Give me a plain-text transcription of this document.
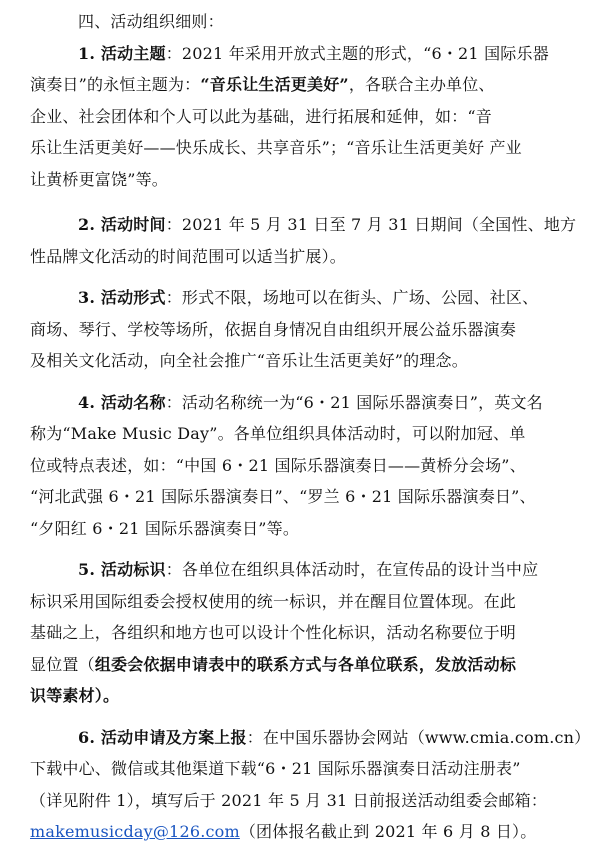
四、活动组织细则：
1. 活动主题：2021 年采用开放式主题的形式，“6・21 国际乐器
演奏日”的永恒主题为：“音乐让生活更美好”，各联合主办单位、
企业、社会团体和个人可以此为基础，进行拓展和延伸，如：“音
乐让生活更美好——快乐成长、共享音乐”；“音乐让生活更美好 产业
让黄桥更富饶”等。
2. 活动时间：2021 年 5 月 31 日至 7 月 31 日期间（全国性、地方
性品牌文化活动的时间范围可以适当扩展）。
3. 活动形式：形式不限，场地可以在街头、广场、公园、社区、
商场、琴行、学校等场所，依据自身情况自由组织开展公益乐器演奏
及相关文化活动，向全社会推广“音乐让生活更美好”的理念。
4. 活动名称：活动名称统一为“6・21 国际乐器演奏日”，英文名
称为“Make Music Day”。各单位组织具体活动时，可以附加冠、单
位或特点表述，如：“中国 6・21 国际乐器演奏日——黄桥分会场”、
“河北武强 6・21 国际乐器演奏日”、“罗兰 6・21 国际乐器演奏日”、
“夕阳红 6・21 国际乐器演奏日”等。
5. 活动标识：各单位在组织具体活动时，在宣传品的设计当中应
标识采用国际组委会授权使用的统一标识，并在醒目位置体现。在此
基础之上，各组织和地方也可以设计个性化标识，活动名称要位于明
显位置（组委会依据申请表中的联系方式与各单位联系，发放活动标
识等素材）。
6. 活动申请及方案上报：在中国乐器协会网站（www.cmia.com.cn）
下载中心、微信或其他渠道下载“6・21 国际乐器演奏日活动注册表”
（详见附件 1），填写后于 2021 年 5 月 31 日前报送活动组委会邮箱：
makemusicday@126.com（团体报名截止到 2021 年 6 月 8 日）。
